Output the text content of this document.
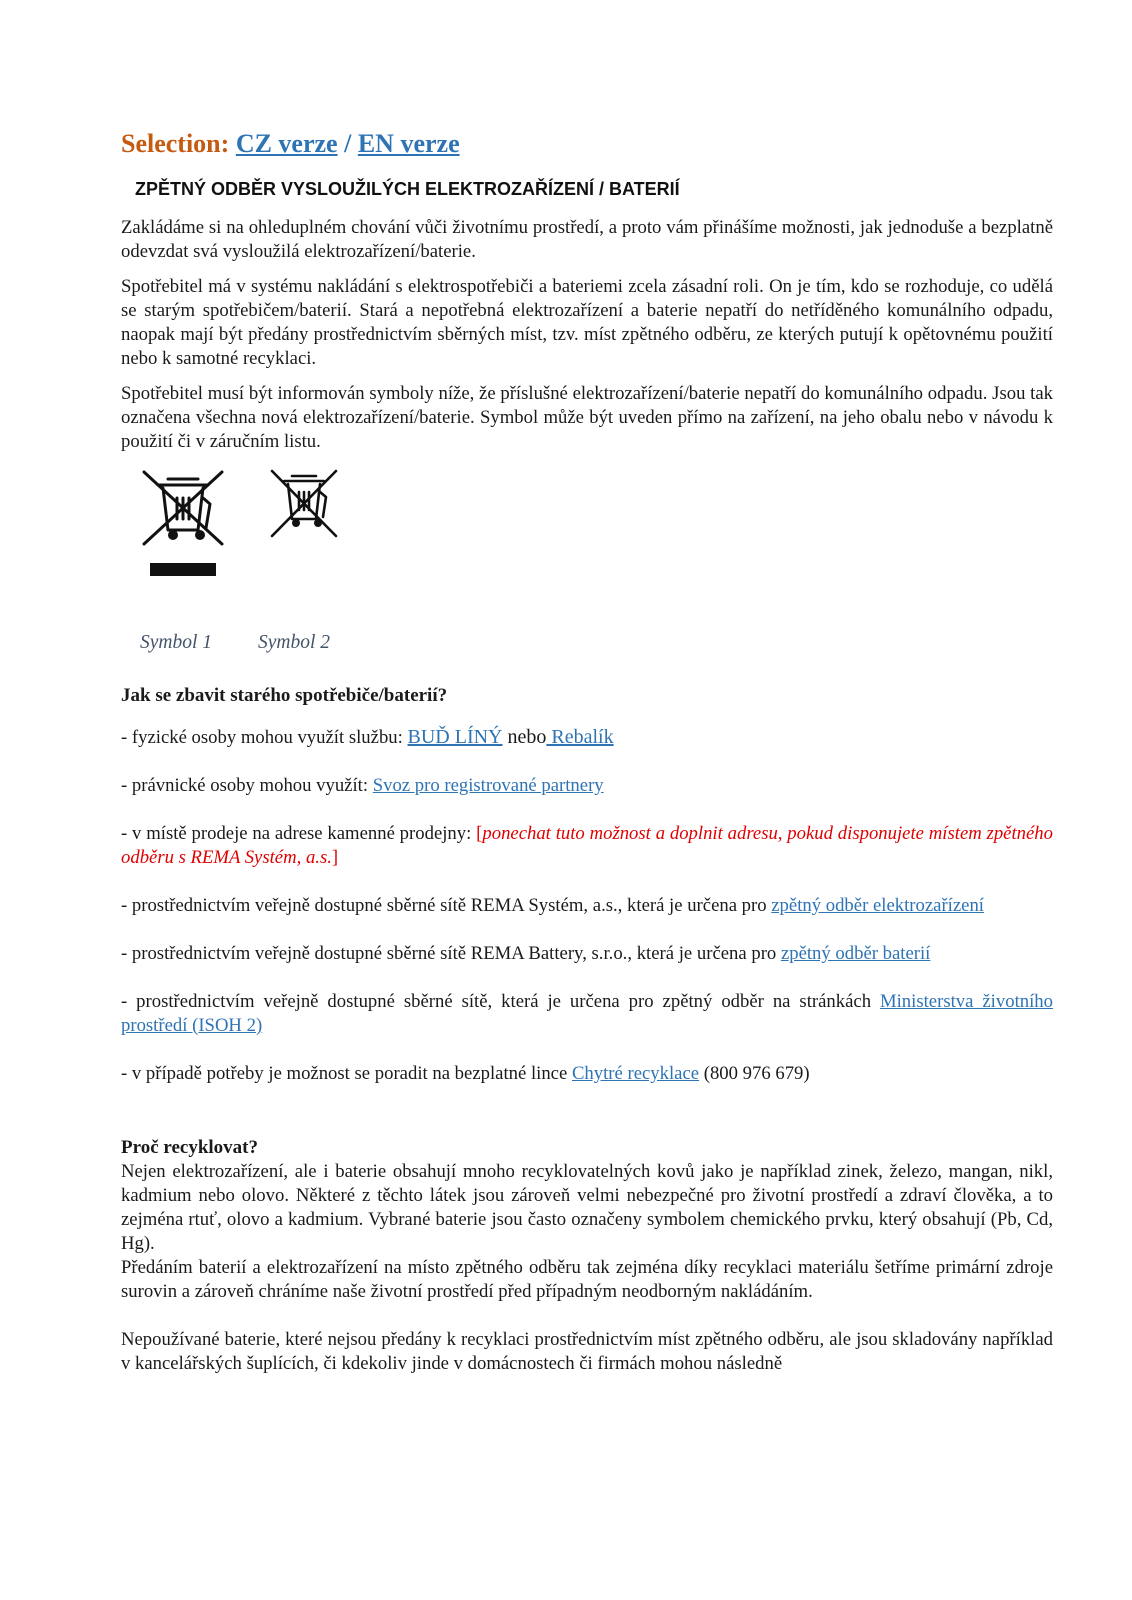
Selection: CZ verze / EN verze
ZPĚTNÝ ODBĚR VYSLOUŽILÝCH ELEKTROZAŘÍZENÍ / BATERIÍ

Zakládáme si na ohleduplném chování vůči životnímu prostředí, a proto vám přinášíme možnosti, jak jednoduše a bezplatně odevzdat svá vysloužilá elektrozařízení/baterie.

Spotřebitel má v systému nakládání s elektrospotřebiči a bateriemi zcela zásadní roli. On je tím, kdo se rozhoduje, co udělá se starým spotřebičem/baterií. Stará a nepotřebná elektrozařízení a baterie nepatří do netříděného komunálního odpadu, naopak mají být předány prostřednictvím sběrných míst, tzv. míst zpětného odběru, ze kterých putují k opětovnému použití nebo k samotné recyklaci.

Spotřebitel musí být informován symboly níže, že příslušné elektrozařízení/baterie nepatří do komunálního odpadu. Jsou tak označena všechna nová elektrozařízení/baterie. Symbol může být uveden přímo na zařízení, na jeho obalu nebo v návodu k použití či v záručním listu.

Symbol 1 Symbol 2
Jak se zbavit starého spotřebiče/baterií?

- fyzické osoby mohou využít službu: BUĎ LÍNÝ nebo Rebalík

- právnické osoby mohou využít: Svoz pro registrované partnery

- v místě prodeje na adrese kamenné prodejny: [ponechat tuto možnost a doplnit adresu, pokud disponujete místem zpětného odběru s REMA Systém, a.s.]

- prostřednictvím veřejně dostupné sběrné sítě REMA Systém, a.s., která je určena pro zpětný odběr elektrozařízení

- prostřednictvím veřejně dostupné sběrné sítě REMA Battery, s.r.o., která je určena pro zpětný odběr baterií

- prostřednictvím veřejně dostupné sběrné sítě, která je určena pro zpětný odběr na stránkách Ministerstva životního prostředí (ISOH 2)

- v případě potřeby je možnost se poradit na bezplatné lince Chytré recyklace (800 976 679)

Proč recyklovat?

Nejen elektrozařízení, ale i baterie obsahují mnoho recyklovatelných kovů jako je například zinek, železo, mangan, nikl, kadmium nebo olovo. Některé z těchto látek jsou zároveň velmi nebezpečné pro životní prostředí a zdraví člověka, a to zejména rtuť, olovo a kadmium. Vybrané baterie jsou často označeny symbolem chemického prvku, který obsahují (Pb, Cd, Hg).

Předáním baterií a elektrozařízení na místo zpětného odběru tak zejména díky recyklaci materiálu šetříme primární zdroje surovin a zároveň chráníme naše životní prostředí před případným neodborným nakládáním.

Nepoužívané baterie, které nejsou předány k recyklaci prostřednictvím míst zpětného odběru, ale jsou skladovány například v kancelářských šuplících, či kdekoliv jinde v domácnostech či firmách mohou následně
